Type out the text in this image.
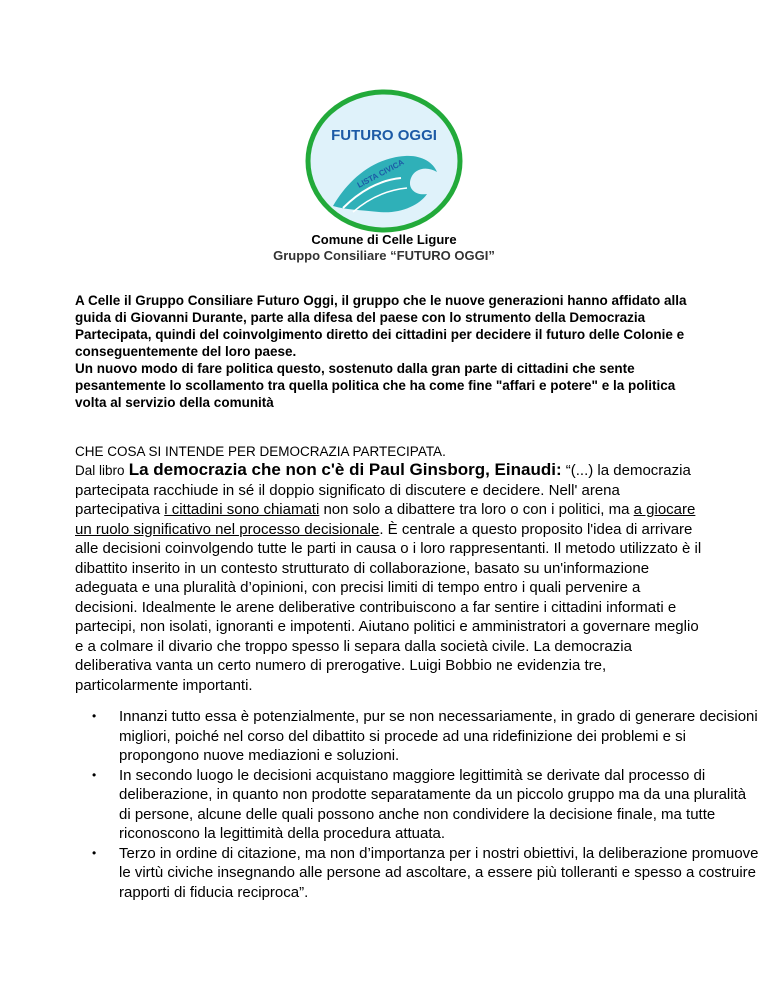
FUTURO OGGI
LISTA CIVICA
Comune di Celle Ligure
Gruppo Consiliare “FUTURO OGGI”

A Celle il Gruppo Consiliare Futuro Oggi, il gruppo che le nuove generazioni hanno affidato alla guida di Giovanni Durante, parte alla difesa del paese con lo strumento della Democrazia Partecipata, quindi del coinvolgimento diretto dei cittadini per decidere il futuro delle Colonie e conseguentemente del loro paese.

Un nuovo modo di fare politica questo, sostenuto dalla gran parte di cittadini che sente pesantemente lo scollamento tra quella politica che ha come fine "affari e potere" e la politica volta al servizio della comunità

CHE COSA SI INTENDE PER DEMOCRAZIA PARTECIPATA.
Dal libro La democrazia che non c'è di Paul Ginsborg, Einaudi: “(...) la democrazia partecipata racchiude in sé il doppio significato di discutere e decidere. Nell' arena partecipativa i cittadini sono chiamati non solo a dibattere tra loro o con i politici, ma a giocare un ruolo significativo nel processo decisionale. È centrale a questo proposito l'idea di arrivare alle decisioni coinvolgendo tutte le parti in causa o i loro rappresentanti. Il metodo utilizzato è il dibattito inserito in un contesto strutturato di collaborazione, basato su un'informazione adeguata e una pluralità d’opinioni, con precisi limiti di tempo entro i quali pervenire a decisioni. Idealmente le arene deliberative contribuiscono a far sentire i cittadini informati e partecipi, non isolati, ignoranti e impotenti. Aiutano politici e amministratori a governare meglio e a colmare il divario che troppo spesso li separa dalla società civile. La democrazia deliberativa vanta un certo numero di prerogative. Luigi Bobbio ne evidenzia tre, particolarmente importanti.
• Innanzi tutto essa è potenzialmente, pur se non necessariamente, in grado di generare decisioni migliori, poiché nel corso del dibattito si procede ad una ridefinizione dei problemi e si propongono nuove mediazioni e soluzioni.
• In secondo luogo le decisioni acquistano maggiore legittimità se derivate dal processo di deliberazione, in quanto non prodotte separatamente da un piccolo gruppo ma da una pluralità di persone, alcune delle quali possono anche non condividere la decisione finale, ma tutte riconoscono la legittimità della procedura attuata.
• Terzo in ordine di citazione, ma non d’importanza per i nostri obiettivi, la deliberazione promuove le virtù civiche insegnando alle persone ad ascoltare, a essere più tolleranti e spesso a costruire rapporti di fiducia reciproca”.
